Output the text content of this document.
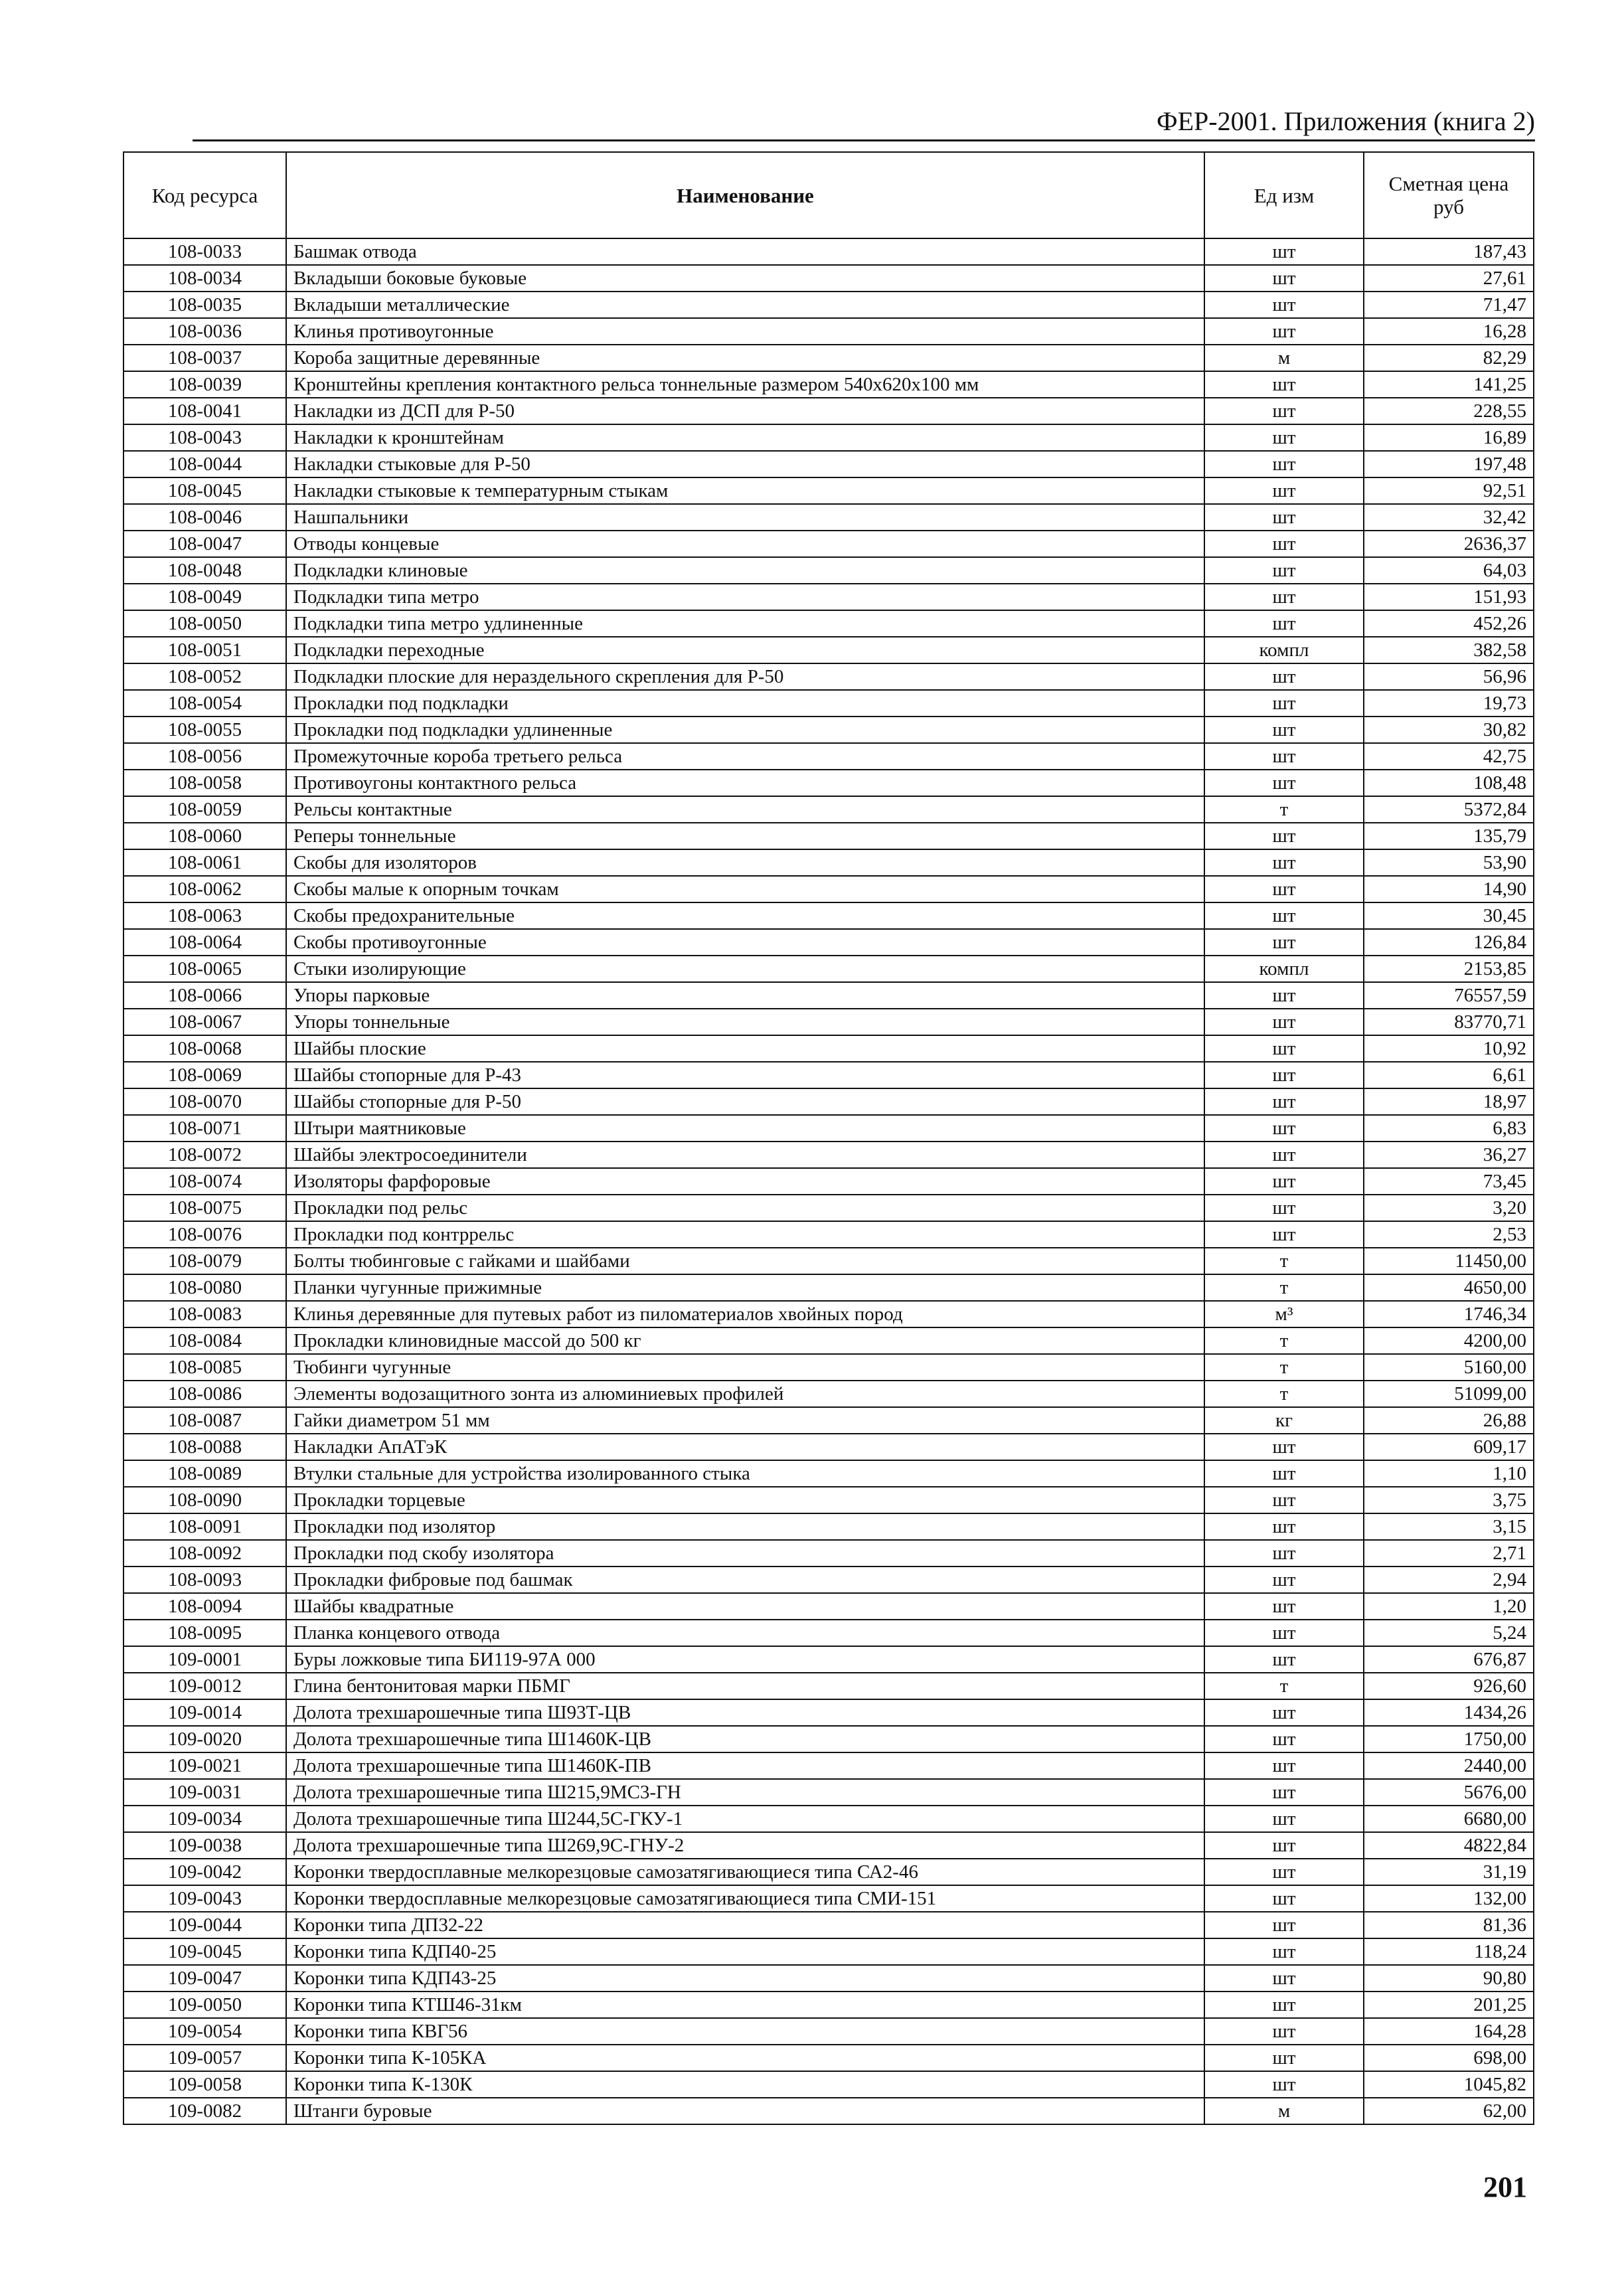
ФЕР-2001. Приложения (книга 2)
Код ресурса	Наименование	Ед изм	Сметная цена руб
108-0033	Башмак отвода	шт	187,43
108-0034	Вкладыши боковые буковые	шт	27,61
108-0035	Вкладыши металлические	шт	71,47
108-0036	Клинья противоугонные	шт	16,28
108-0037	Короба защитные деревянные	м	82,29
108-0039	Кронштейны крепления контактного рельса тоннельные размером 540х620х100 мм	шт	141,25
108-0041	Накладки из ДСП для Р-50	шт	228,55
108-0043	Накладки к кронштейнам	шт	16,89
108-0044	Накладки стыковые для Р-50	шт	197,48
108-0045	Накладки стыковые к температурным стыкам	шт	92,51
108-0046	Нашпальники	шт	32,42
108-0047	Отводы концевые	шт	2636,37
108-0048	Подкладки клиновые	шт	64,03
108-0049	Подкладки типа метро	шт	151,93
108-0050	Подкладки типа метро удлиненные	шт	452,26
108-0051	Подкладки переходные	компл	382,58
108-0052	Подкладки плоские для нераздельного скрепления для Р-50	шт	56,96
108-0054	Прокладки под подкладки	шт	19,73
108-0055	Прокладки под подкладки удлиненные	шт	30,82
108-0056	Промежуточные короба третьего рельса	шт	42,75
108-0058	Противоугоны контактного рельса	шт	108,48
108-0059	Рельсы контактные	т	5372,84
108-0060	Реперы тоннельные	шт	135,79
108-0061	Скобы для изоляторов	шт	53,90
108-0062	Скобы малые к опорным точкам	шт	14,90
108-0063	Скобы предохранительные	шт	30,45
108-0064	Скобы противоугонные	шт	126,84
108-0065	Стыки изолирующие	компл	2153,85
108-0066	Упоры парковые	шт	76557,59
108-0067	Упоры тоннельные	шт	83770,71
108-0068	Шайбы плоские	шт	10,92
108-0069	Шайбы стопорные для Р-43	шт	6,61
108-0070	Шайбы стопорные для Р-50	шт	18,97
108-0071	Штыри маятниковые	шт	6,83
108-0072	Шайбы электросоединители	шт	36,27
108-0074	Изоляторы фарфоровые	шт	73,45
108-0075	Прокладки под рельс	шт	3,20
108-0076	Прокладки под контррельс	шт	2,53
108-0079	Болты тюбинговые с гайками и шайбами	т	11450,00
108-0080	Планки чугунные прижимные	т	4650,00
108-0083	Клинья деревянные для путевых работ из пиломатериалов хвойных пород	м³	1746,34
108-0084	Прокладки клиновидные массой до 500 кг	т	4200,00
108-0085	Тюбинги чугунные	т	5160,00
108-0086	Элементы водозащитного зонта из алюминиевых профилей	т	51099,00
108-0087	Гайки диаметром 51 мм	кг	26,88
108-0088	Накладки АпАТэК	шт	609,17
108-0089	Втулки стальные для устройства изолированного стыка	шт	1,10
108-0090	Прокладки торцевые	шт	3,75
108-0091	Прокладки под изолятор	шт	3,15
108-0092	Прокладки под скобу изолятора	шт	2,71
108-0093	Прокладки фибровые под башмак	шт	2,94
108-0094	Шайбы квадратные	шт	1,20
108-0095	Планка концевого отвода	шт	5,24
109-0001	Буры ложковые типа БИ119-97А 000	шт	676,87
109-0012	Глина бентонитовая марки ПБМГ	т	926,60
109-0014	Долота трехшарошечные типа Ш93Т-ЦВ	шт	1434,26
109-0020	Долота трехшарошечные типа Ш1460К-ЦВ	шт	1750,00
109-0021	Долота трехшарошечные типа Ш1460К-ПВ	шт	2440,00
109-0031	Долота трехшарошечные типа Ш215,9МС3-ГН	шт	5676,00
109-0034	Долота трехшарошечные типа Ш244,5С-ГКУ-1	шт	6680,00
109-0038	Долота трехшарошечные типа Ш269,9С-ГНУ-2	шт	4822,84
109-0042	Коронки твердосплавные мелкорезцовые самозатягивающиеся типа СА2-46	шт	31,19
109-0043	Коронки твердосплавные мелкорезцовые самозатягивающиеся типа СМИ-151	шт	132,00
109-0044	Коронки типа ДП32-22	шт	81,36
109-0045	Коронки типа КДП40-25	шт	118,24
109-0047	Коронки типа КДП43-25	шт	90,80
109-0050	Коронки типа КТШ46-31км	шт	201,25
109-0054	Коронки типа КВГ56	шт	164,28
109-0057	Коронки типа К-105КА	шт	698,00
109-0058	Коронки типа К-130К	шт	1045,82
109-0082	Штанги буровые	м	62,00
201
